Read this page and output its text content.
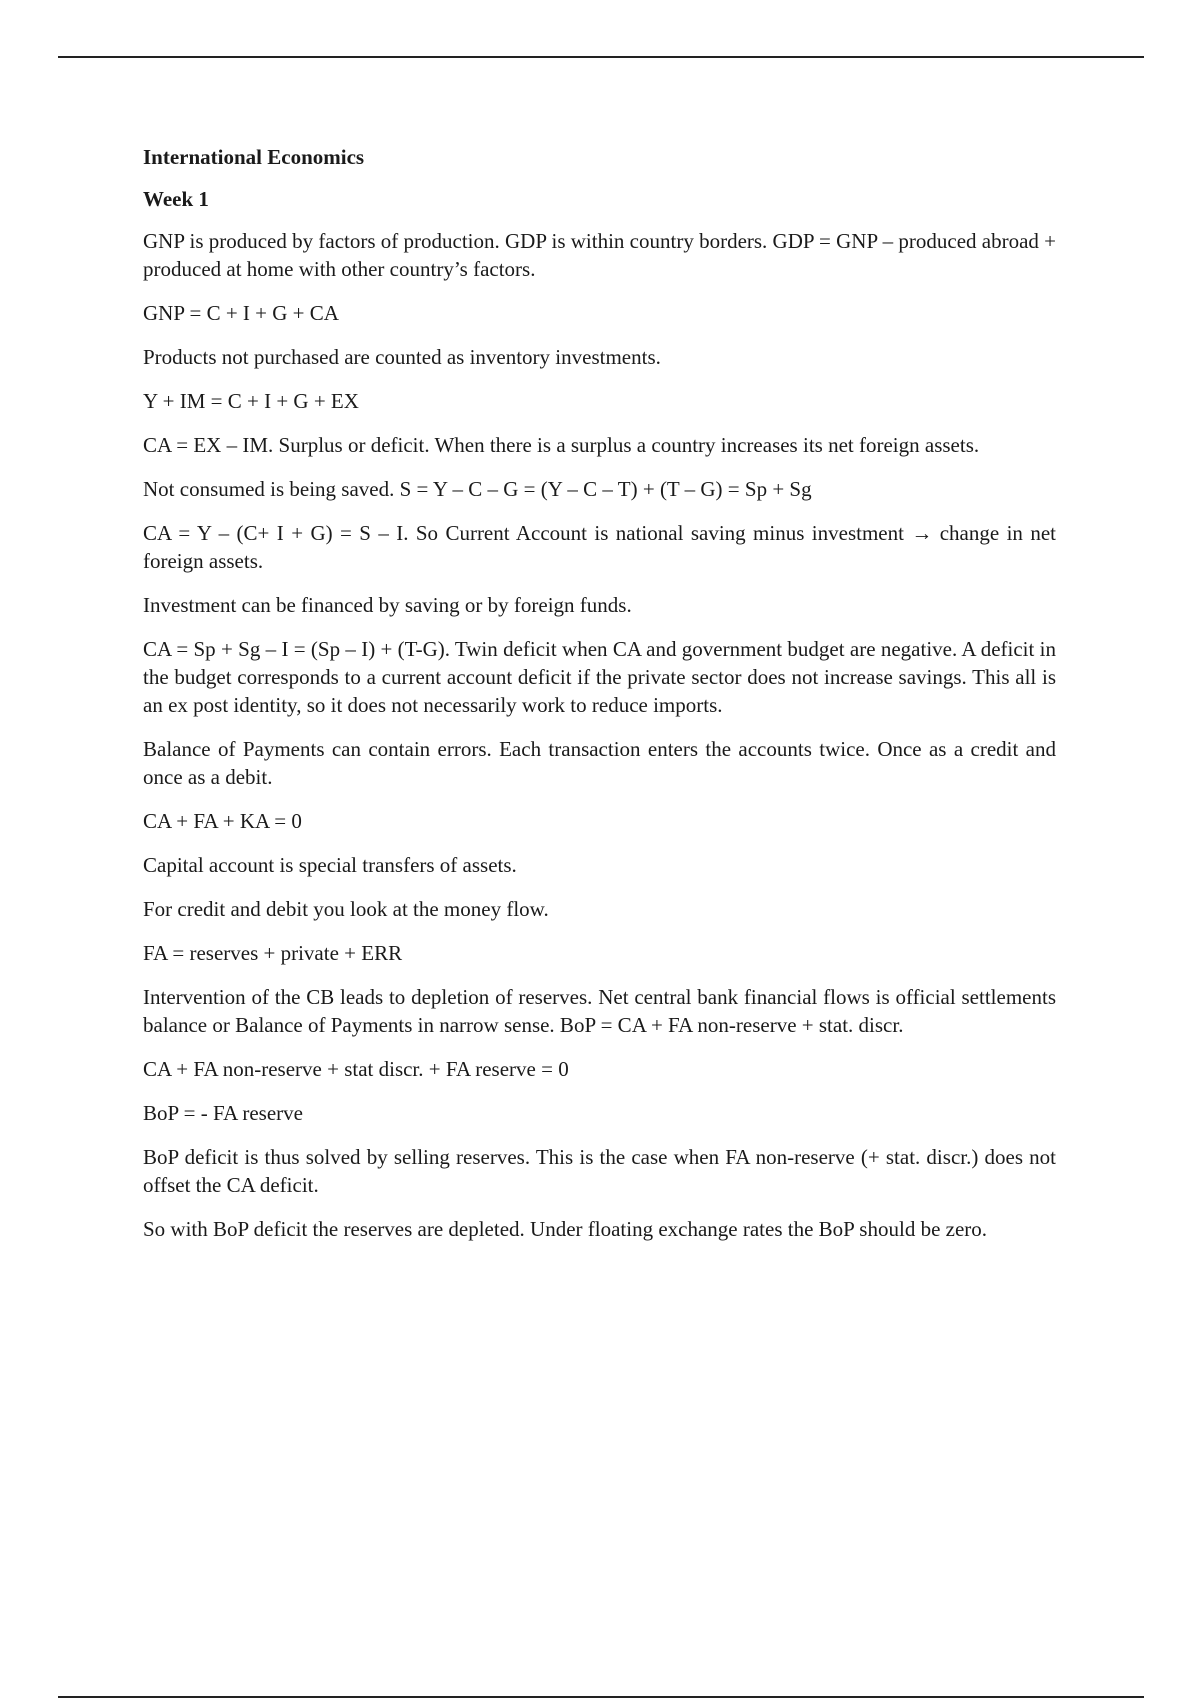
International Economics
Week 1

GNP is produced by factors of production. GDP is within country borders. GDP = GNP – produced abroad + produced at home with other country’s factors.

GNP = C + I + G + CA

Products not purchased are counted as inventory investments.

Y + IM = C + I + G + EX

CA = EX – IM. Surplus or deficit. When there is a surplus a country increases its net foreign assets.

Not consumed is being saved. S = Y – C – G = (Y – C – T) + (T – G) = Sp + Sg

CA = Y – (C+ I + G) = S – I. So Current Account is national saving minus investment → change in net foreign assets.

Investment can be financed by saving or by foreign funds.

CA = Sp + Sg – I = (Sp – I) + (T-G). Twin deficit when CA and government budget are negative. A deficit in the budget corresponds to a current account deficit if the private sector does not increase savings. This all is an ex post identity, so it does not necessarily work to reduce imports.

Balance of Payments can contain errors. Each transaction enters the accounts twice. Once as a credit and once as a debit.

CA + FA + KA = 0

Capital account is special transfers of assets.

For credit and debit you look at the money flow.

FA = reserves + private + ERR

Intervention of the CB leads to depletion of reserves. Net central bank financial flows is official settlements balance or Balance of Payments in narrow sense. BoP = CA + FA non-reserve + stat. discr.

CA + FA non-reserve + stat discr. + FA reserve = 0

BoP = - FA reserve

BoP deficit is thus solved by selling reserves. This is the case when FA non-reserve (+ stat. discr.) does not offset the CA deficit.

So with BoP deficit the reserves are depleted. Under floating exchange rates the BoP should be zero.
